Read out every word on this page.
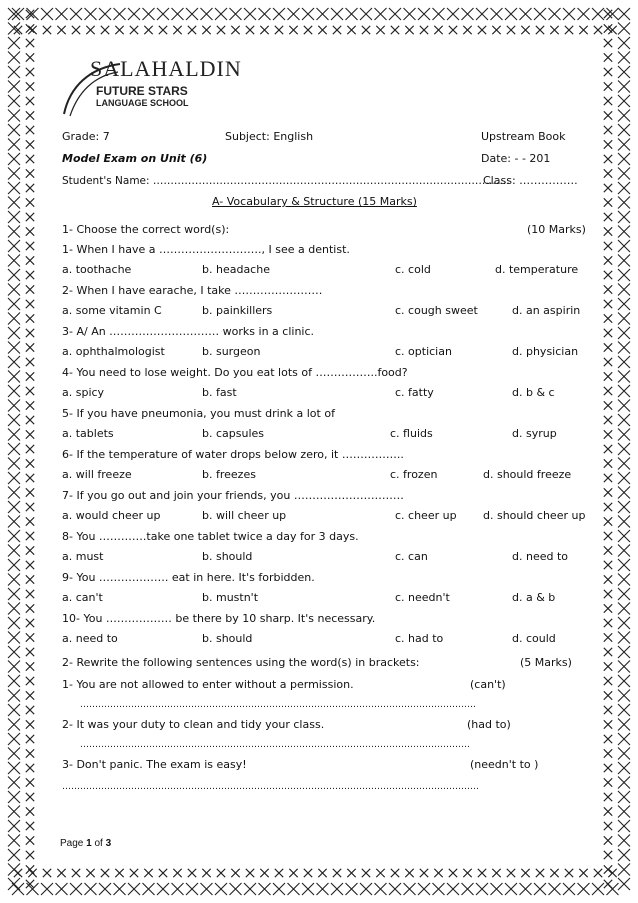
SALAHALDIN
FUTURE STARS
LANGUAGE SCHOOL
Grade: 7	Subject: English	Upstream Book
Model Exam on Unit (6)	Date: - - 201
Student's Name: …………………………………………………………………………………………
Class: …………….
A- Vocabulary & Structure (15 Marks)
1- Choose the correct word(s):	(10 Marks)
1- When I have a ………………………., I see a dentist.
a. toothache	b. headache	c. cold	d. temperature
2- When I have earache, I take ……………………
a. some vitamin C	b. painkillers	c. cough sweet	d. an aspirin
3- A/ An ………………………… works in a clinic.
a. ophthalmologist	b. surgeon	c. optician	d. physician
4- You need to lose weight. Do you eat lots of ……………..food?
a. spicy	b. fast	c. fatty	d. b & c
5- If you have pneumonia, you must drink a lot of
a. tablets	b. capsules	c. fluids	d. syrup
6- If the temperature of water drops below zero, it ……………..
a. will freeze	b. freezes	c. frozen	d. should freeze
7- If you go out and join your friends, you …………………………
a. would cheer up	b. will cheer up	c. cheer up d. should cheer up
8- You ………….take one tablet twice a day for 3 days.
a. must	b. should	c. can	d. need to
9- You ………………. eat in here. It's forbidden.
a. can't	b. mustn't	c. needn't	d. a & b
10- You ……………… be there by 10 sharp. It's necessary.
a. need to	b. should	c. had to	d. could
2- Rewrite the following sentences using the word(s) in brackets:	(5 Marks)
1- You are not allowed to enter without a permission.	(can't)
……………………………………………………………………………………………………………………
2- It was your duty to clean and tidy your class.	(had to)
………………………………………………………………………………………………………………….
3- Don't panic. The exam is easy!	(needn't to )
………………………………………………………………………………………………………………………….
Page 1 of 3
